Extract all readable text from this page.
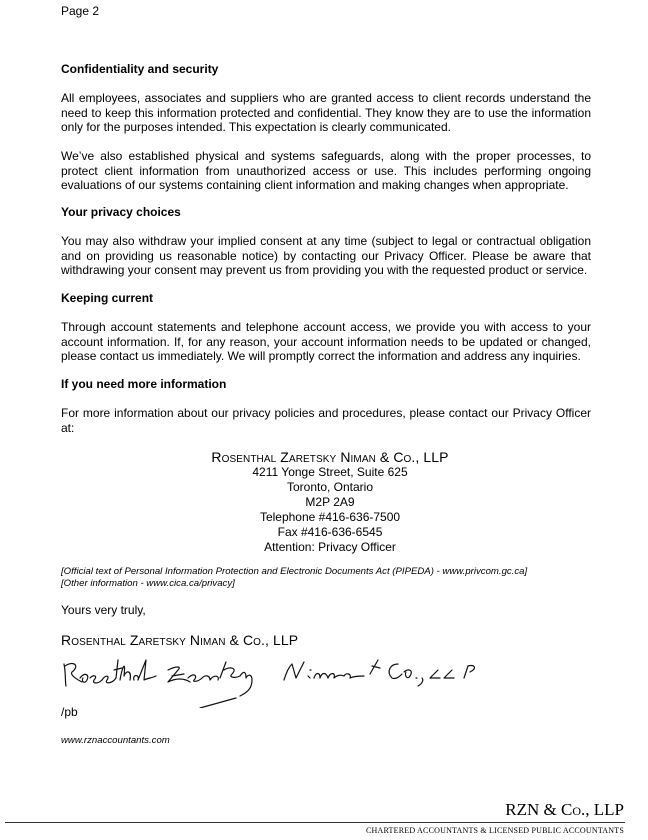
Page 2
Confidentiality and security
All employees, associates and suppliers who are granted access to client records understand the need to keep this information protected and confidential. They know they are to use the information only for the purposes intended. This expectation is clearly communicated.
We’ve also established physical and systems safeguards, along with the proper processes, to protect client information from unauthorized access or use. This includes performing ongoing evaluations of our systems containing client information and making changes when appropriate.
Your privacy choices
You may also withdraw your implied consent at any time (subject to legal or contractual obligation and on providing us reasonable notice) by contacting our Privacy Officer. Please be aware that withdrawing your consent may prevent us from providing you with the requested product or service.
Keeping current
Through account statements and telephone account access, we provide you with access to your account information. If, for any reason, your account information needs to be updated or changed, please contact us immediately. We will promptly correct the information and address any inquiries.
If you need more information
For more information about our privacy policies and procedures, please contact our Privacy Officer at:
Rosenthal Zaretsky Niman & Co., LLP
4211 Yonge Street, Suite 625
Toronto, Ontario
M2P 2A9
Telephone #416-636-7500
Fax #416-636-6545
Attention: Privacy Officer
[Official text of Personal Information Protection and Electronic Documents Act (PIPEDA) - www.privcom.gc.ca]
[Other information - www.cica.ca/privacy]
Yours very truly,
Rosenthal Zaretsky Niman & Co., LLP
/pb
www.rznaccountants.com
RZN & Co., LLP
CHARTERED ACCOUNTANTS & LICENSED PUBLIC ACCOUNTANTS
